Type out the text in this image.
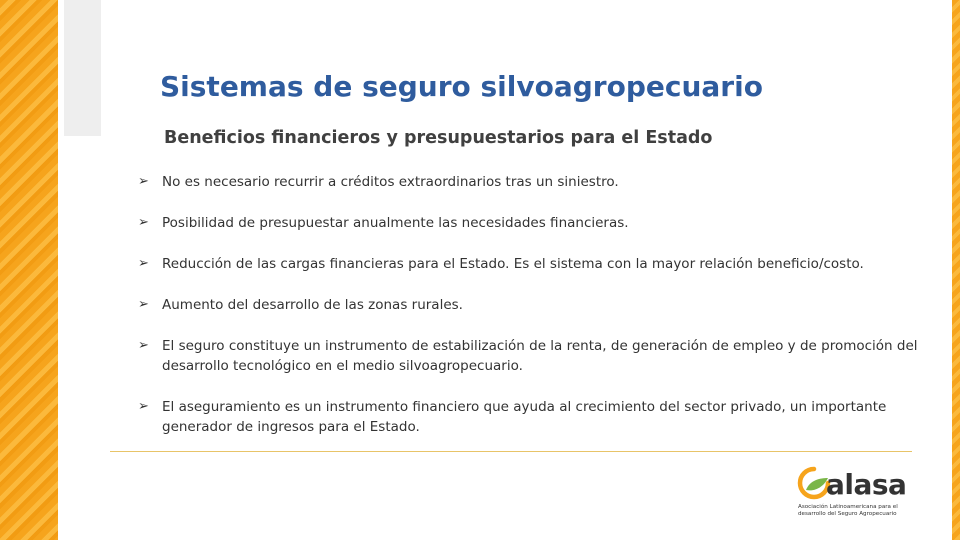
Sistemas de seguro silvoagropecuario
Beneficios financieros y presupuestarios para el Estado
➢ No es necesario recurrir a créditos extraordinarios tras un siniestro.
➢ Posibilidad de presupuestar anualmente las necesidades financieras.
➢ Reducción de las cargas financieras para el Estado. Es el sistema con la mayor relación beneficio/costo.
➢ Aumento del desarrollo de las zonas rurales.
➢ El seguro constituye un instrumento de estabilización de la renta, de generación de empleo y de promoción del desarrollo tecnológico en el medio silvoagropecuario.
➢ El aseguramiento es un instrumento financiero que ayuda al crecimiento del sector privado, un importante generador de ingresos para el Estado.
alasa
Asociación Latinoamericana para el desarrollo del Seguro Agropecuario
